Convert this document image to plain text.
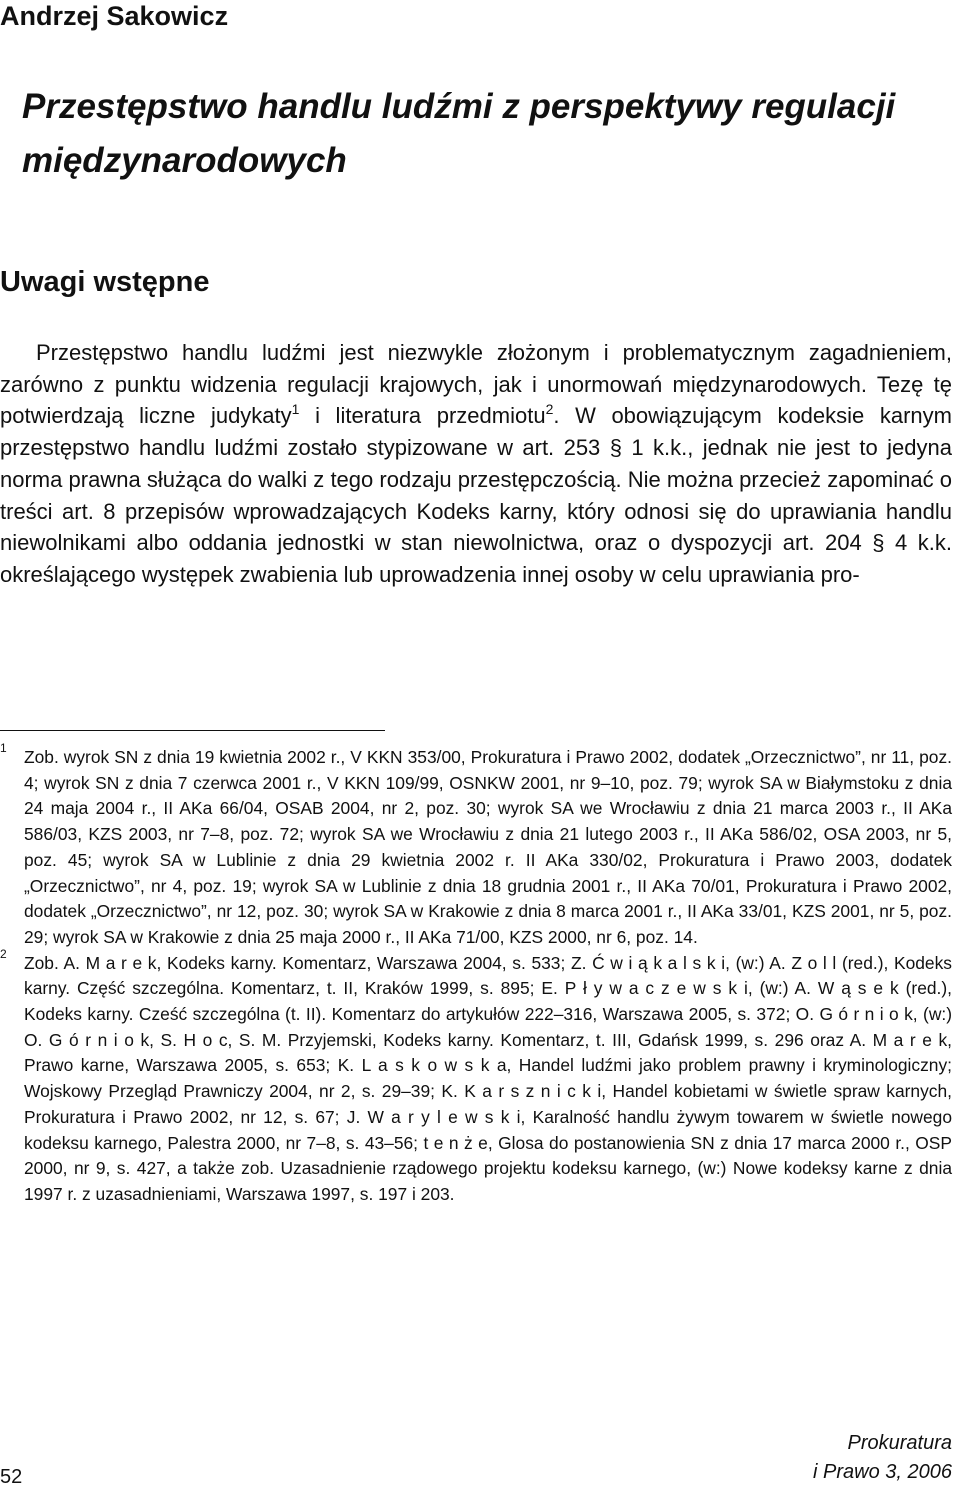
Andrzej Sakowicz
Przestępstwo handlu ludźmi z perspektywy regulacji międzynarodowych
Uwagi wstępne

Przestępstwo handlu ludźmi jest niezwykle złożonym i problematycznym zagadnieniem, zarówno z punktu widzenia regulacji krajowych, jak i unormowań międzynarodowych. Tezę tę potwierdzają liczne judykaty$^1$ i literatura przedmiotu$^2$. W obowiązującym kodeksie karnym przestępstwo handlu ludźmi zostało stypizowane w art. 253 § 1 k.k., jednak nie jest to jedyna norma prawna służąca do walki z tego rodzaju przestępczością. Nie można przecież zapominać o treści art. 8 przepisów wprowadzających Kodeks karny, który odnosi się do uprawiania handlu niewolnikami albo oddania jednostki w stan niewolnictwa, oraz o dyspozycji art. 204 § 4 k.k. określającego występek zwabienia lub uprowadzenia innej osoby w celu uprawiania pro-

1 Zob. wyrok SN z dnia 19 kwietnia 2002 r., V KKN 353/00, Prokuratura i Prawo 2002, dodatek „Orzecznictwo”, nr 11, poz. 4; wyrok SN z dnia 7 czerwca 2001 r., V KKN 109/99, OSNKW 2001, nr 9–10, poz. 79; wyrok SA w Białymstoku z dnia 24 maja 2004 r., II AKa 66/04, OSAB 2004, nr 2, poz. 30; wyrok SA we Wrocławiu z dnia 21 marca 2003 r., II AKa 586/03, KZS 2003, nr 7–8, poz. 72; wyrok SA we Wrocławiu z dnia 21 lutego 2003 r., II AKa 586/02, OSA 2003, nr 5, poz. 45; wyrok SA w Lublinie z dnia 29 kwietnia 2002 r. II AKa 330/02, Prokuratura i Prawo 2003, dodatek „Orzecznictwo”, nr 4, poz. 19; wyrok SA w Lublinie z dnia 18 grudnia 2001 r., II AKa 70/01, Prokuratura i Prawo 2002, dodatek „Orzecznictwo”, nr 12, poz. 30; wyrok SA w Krakowie z dnia 8 marca 2001 r., II AKa 33/01, KZS 2001, nr 5, poz. 29; wyrok SA w Krakowie z dnia 25 maja 2000 r., II AKa 71/00, KZS 2000, nr 6, poz. 14.
2 Zob. A. M a r e k, Kodeks karny. Komentarz, Warszawa 2004, s. 533; Z. Ć w i ą k a l s k i, (w:) A. Z o l l (red.), Kodeks karny. Część szczególna. Komentarz, t. II, Kraków 1999, s. 895; E. P ł y w a c z e w s k i, (w:) A. W ą s e k (red.), Kodeks karny. Cześć szczególna (t. II). Komentarz do artykułów 222–316, Warszawa 2005, s. 372; O. G ó r n i o k, (w:) O. G ó r n i o k, S. H o c, S. M. Przyjemski, Kodeks karny. Komentarz, t. III, Gdańsk 1999, s. 296 oraz A. M a r e k, Prawo karne, Warszawa 2005, s. 653; K. L a s k o w s k a, Handel ludźmi jako problem prawny i kryminologiczny; Wojskowy Przegląd Prawniczy 2004, nr 2, s. 29–39; K. K a r s z n i c k i, Handel kobietami w świetle spraw karnych, Prokuratura i Prawo 2002, nr 12, s. 67; J. W a r y l e w s k i, Karalność handlu żywym towarem w świetle nowego kodeksu karnego, Palestra 2000, nr 7–8, s. 43–56; t e n ż e, Glosa do postanowienia SN z dnia 17 marca 2000 r., OSP 2000, nr 9, s. 427, a także zob. Uzasadnienie rządowego projektu kodeksu karnego, (w:) Nowe kodeksy karne z dnia 1997 r. z uzasadnieniami, Warszawa 1997, s. 197 i 203.
52
Prokuratura
i Prawo 3, 2006
